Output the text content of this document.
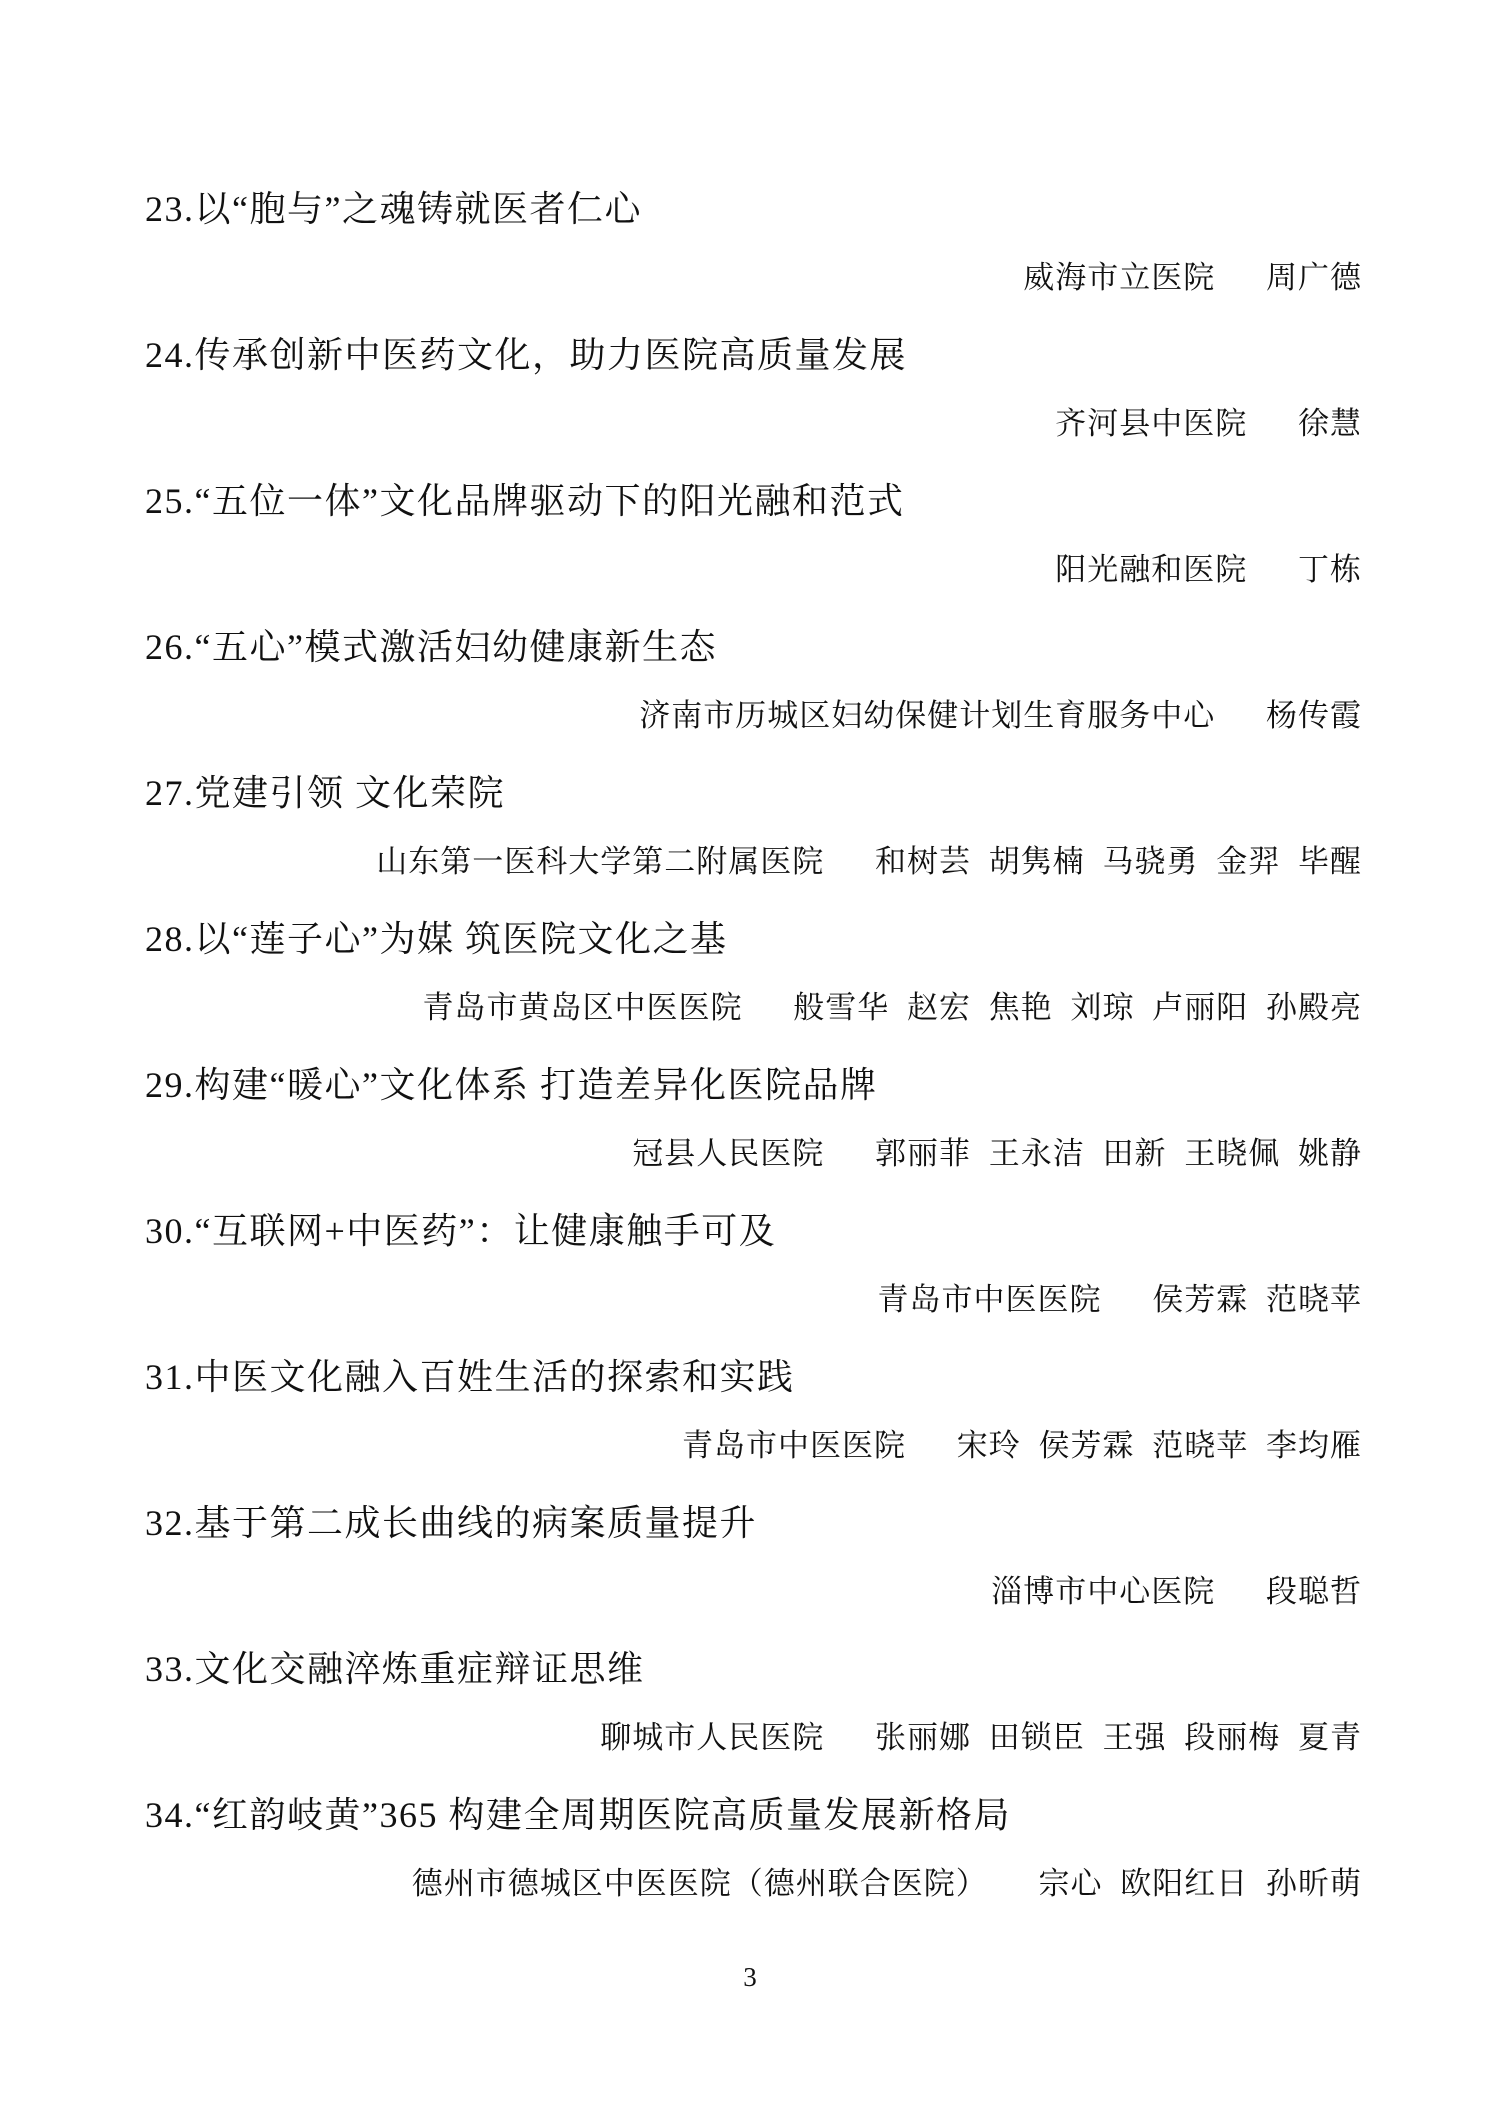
23.以“胞与”之魂铸就医者仁心
威海市立医院 周广德
24.传承创新中医药文化，助力医院高质量发展
齐河县中医院 徐慧
25.“五位一体”文化品牌驱动下的阳光融和范式
阳光融和医院 丁栋
26.“五心”模式激活妇幼健康新生态
济南市历城区妇幼保健计划生育服务中心 杨传霞
27.党建引领 文化荣院
山东第一医科大学第二附属医院 和树芸 胡隽楠 马骁勇 金羿 毕醒
28.以“莲子心”为媒 筑医院文化之基
青岛市黄岛区中医医院 般雪华 赵宏 焦艳 刘琼 卢丽阳 孙殿亮
29.构建“暖心”文化体系 打造差异化医院品牌
冠县人民医院 郭丽菲 王永洁 田新 王晓佩 姚静
30.“互联网+中医药”：让健康触手可及
青岛市中医医院 侯芳霖 范晓苹
31.中医文化融入百姓生活的探索和实践
青岛市中医医院 宋玲 侯芳霖 范晓苹 李均雁
32.基于第二成长曲线的病案质量提升
淄博市中心医院 段聪哲
33.文化交融淬炼重症辩证思维
聊城市人民医院 张丽娜 田锁臣 王强 段丽梅 夏青
34.“红韵岐黄”365 构建全周期医院高质量发展新格局
德州市德城区中医医院（德州联合医院） 宗心 欧阳红日 孙昕萌
3
